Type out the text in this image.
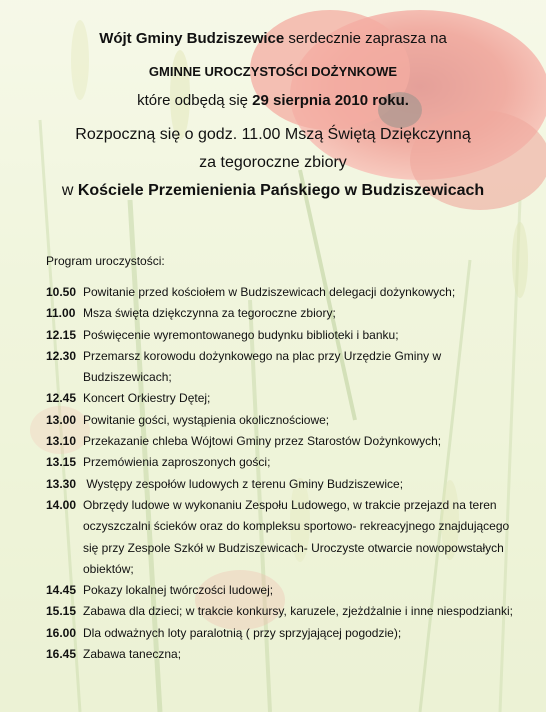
Wójt Gminy Budziszewice serdecznie zaprasza na
GMINNE UROCZYSTOŚCI DOŻYNKOWE
które odbędą się 29 sierpnia 2010 roku.
Rozpoczną się o godz. 11.00 Mszą Świętą Dziękczynną
za tegoroczne zbiory
w Kościele Przemienienia Pańskiego w Budziszewicach
Program uroczystości:
10.50 Powitanie przed kościołem w Budziszewicach delegacji dożynkowych;
11.00 Msza święta dziękczynna za tegoroczne zbiory;
12.15 Poświęcenie wyremontowanego budynku biblioteki i banku;
12.30 Przemarsz korowodu dożynkowego na plac przy Urzędzie Gminy w Budziszewicach;
12.45 Koncert Orkiestry Dętej;
13.00 Powitanie gości, wystąpienia okolicznościowe;
13.10 Przekazanie chleba Wójtowi Gminy przez Starostów Dożynkowych;
13.15 Przemówienia zaproszonych gości;
13.30 Występy zespołów ludowych z terenu Gminy Budziszewice;
14.00 Obrzędy ludowe w wykonaniu Zespołu Ludowego, w trakcie przejazd na teren oczyszczalni ścieków oraz do kompleksu sportowo- rekreacyjnego znajdującego się przy Zespole Szkół w Budziszewicach- Uroczyste otwarcie nowopowstałych obiektów;
14.45 Pokazy lokalnej twórczości ludowej;
15.15 Zabawa dla dzieci; w trakcie konkursy, karuzele, zjeżdżalnie i inne niespodzianki;
16.00 Dla odważnych loty paralotnią ( przy sprzyjającej pogodzie);
16.45 Zabawa taneczna;
